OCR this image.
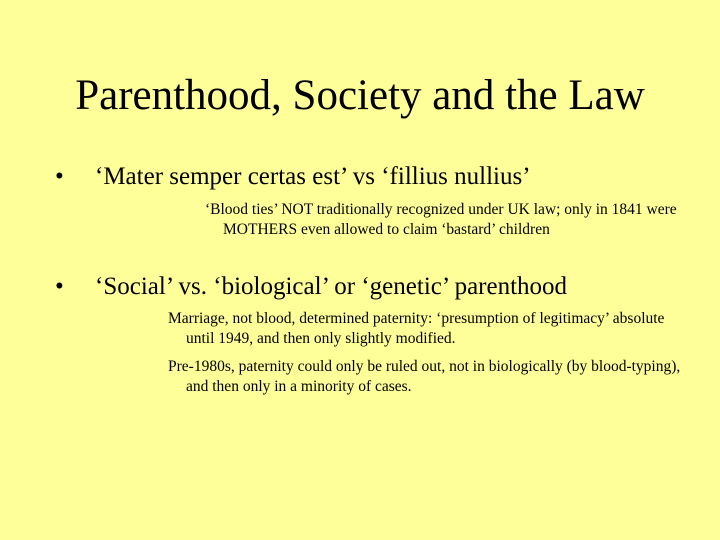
Parenthood, Society and the Law
• ‘Mater semper certas est’ vs ‘fillius nullius’
‘Blood ties’ NOT traditionally recognized under UK law; only in 1841 were MOTHERS even allowed to claim ‘bastard’ children
• ‘Social’ vs. ‘biological’ or ‘genetic’ parenthood
Marriage, not blood, determined paternity: ‘presumption of legitimacy’ absolute until 1949, and then only slightly modified.
Pre-1980s, paternity could only be ruled out, not in biologically (by blood-typing), and then only in a minority of cases.
